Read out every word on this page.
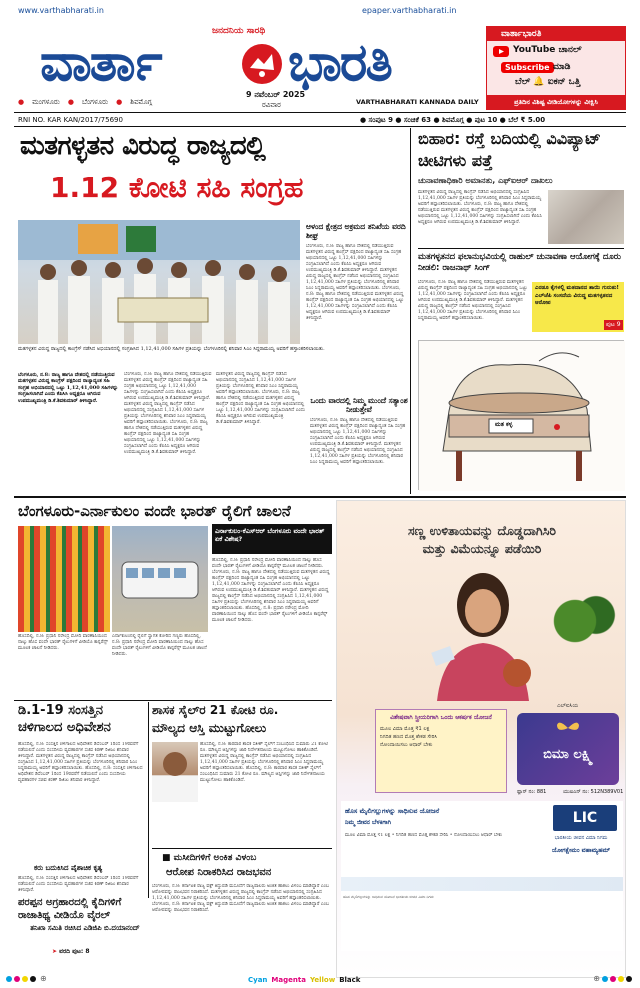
www.varthabharati.in	epaper.varthabharati.in
ಜನದನಿಯ ಸಾರಥಿ
ವಾರ್ತಾ ಭಾರತಿ
● ಮಂಗಳೂರು ● ಬೆಂಗಳೂರು ● ಶಿವಮೊಗ್ಗ
9 ನವೆಂಬರ್ 2025
ರವಿವಾರ	VARTHABHARATI KANNADA DAILY
ವಾರ್ತಾಭಾರತಿ
YouTube ಚಾನಲ್
Subscribe ಮಾಡಿ
ಬೆಲ್ 🔔 ಐಕನ್ ಒತ್ತಿ
ಪ್ರತಿದಿನ ವಿಶಿಷ್ಟ ವೀಡಿಯೋಗಳನ್ನು ವೀಕ್ಷಿಸಿ
RNI NO. KAR KAN/2017/75690	● ಸಂಪುಟ 9 ● ಸಂಚಿಕೆ 63 ● ಶಿವಮೊಗ್ಗ ● ಪುಟ 10 ● ಬೆಲೆ ₹ 5.00
ಮತಗಳ್ಳತನ ವಿರುದ್ಧ ರಾಜ್ಯದಲ್ಲಿ
1.12 ಕೋಟಿ ಸಹಿ ಸಂಗ್ರಹ
ಮತಗಳ್ಳತನ ವಿರುದ್ಧ ರಾಜ್ಯದಲ್ಲಿ ಕಾಂಗ್ರೆಸ್ ನಡೆಸಿದ ಅಭಿಯಾನದಲ್ಲಿ ಸಂಗ್ರಹಿಸಿದ 1,12,41,000 ಸಹಿಗಳ ಪ್ರತಿಯನ್ನು ಬೆಂಗಳೂರಿನಲ್ಲಿ ಶನಿವಾರ ಸಿಎಂ ಸಿದ್ದರಾಮಯ್ಯ ಅವರಿಗೆ ಹಸ್ತಾಂತರಿಸಲಾಯಿತು.
ಆಳಂದ ಕ್ಷೇತ್ರದ ಅಕ್ರಮದ ತನಿಖೆಯ ವರದಿ ಶೀಘ್ರ
ಬೆಂಗಳೂರು, ನ.8: ರಾಜ್ಯ ಹಾಗೂ ದೇಶದಲ್ಲಿ ನಡೆಯುತ್ತಿರುವ ಮತಗಳ್ಳತನ ವಿರುದ್ಧ ಕಾಂಗ್ರೆಸ್ ಪಕ್ಷದಿಂದ ರಾಜ್ಯಾದ್ಯಂತ ಸಹಿ ಸಂಗ್ರಹ ಅಭಿಯಾನದಲ್ಲಿ ಒಟ್ಟು 1,12,41,000 ಸಹಿಗಳನ್ನು ಸಂಗ್ರಹಿಸಲಾಗಿದೆ ಎಂದು ಕೆಪಿಸಿಸಿ ಅಧ್ಯಕ್ಷರೂ ಆಗಿರುವ ಉಪಮುಖ್ಯಮಂತ್ರಿ ಡಿ.ಕೆ.ಶಿವಕುಮಾರ್ ತಿಳಿಸಿದ್ದಾರೆ. ಮತಗಳ್ಳತನ ವಿರುದ್ಧ ರಾಜ್ಯದಲ್ಲಿ ಕಾಂಗ್ರೆಸ್ ನಡೆಸಿದ ಅಭಿಯಾನದಲ್ಲಿ ಸಂಗ್ರಹಿಸಿದ 1,12,41,000 ಸಹಿಗಳ ಪ್ರತಿಯನ್ನು ಬೆಂಗಳೂರಿನಲ್ಲಿ ಶನಿವಾರ ಸಿಎಂ ಸಿದ್ದರಾಮಯ್ಯ ಅವರಿಗೆ ಹಸ್ತಾಂತರಿಸಲಾಯಿತು. ಬೆಂಗಳೂರು, ನ.8: ರಾಜ್ಯ ಹಾಗೂ ದೇಶದಲ್ಲಿ ನಡೆಯುತ್ತಿರುವ ಮತಗಳ್ಳತನ ವಿರುದ್ಧ ಕಾಂಗ್ರೆಸ್ ಪಕ್ಷದಿಂದ ರಾಜ್ಯಾದ್ಯಂತ ಸಹಿ ಸಂಗ್ರಹ ಅಭಿಯಾನದಲ್ಲಿ ಒಟ್ಟು 1,12,41,000 ಸಹಿಗಳನ್ನು ಸಂಗ್ರಹಿಸಲಾಗಿದೆ ಎಂದು ಕೆಪಿಸಿಸಿ ಅಧ್ಯಕ್ಷರೂ ಆಗಿರುವ ಉಪಮುಖ್ಯಮಂತ್ರಿ ಡಿ.ಕೆ.ಶಿವಕುಮಾರ್ ತಿಳಿಸಿದ್ದಾರೆ.
ಬೆಂಗಳೂರು, ನ.8: ರಾಜ್ಯ ಹಾಗೂ ದೇಶದಲ್ಲಿ ನಡೆಯುತ್ತಿರುವ ಮತಗಳ್ಳತನ ವಿರುದ್ಧ ಕಾಂಗ್ರೆಸ್ ಪಕ್ಷದಿಂದ ರಾಜ್ಯಾದ್ಯಂತ ಸಹಿ ಸಂಗ್ರಹ ಅಭಿಯಾನದಲ್ಲಿ ಒಟ್ಟು 1,12,41,000 ಸಹಿಗಳನ್ನು ಸಂಗ್ರಹಿಸಲಾಗಿದೆ ಎಂದು ಕೆಪಿಸಿಸಿ ಅಧ್ಯಕ್ಷರೂ ಆಗಿರುವ ಉಪಮುಖ್ಯಮಂತ್ರಿ ಡಿ.ಕೆ.ಶಿವಕುಮಾರ್ ತಿಳಿಸಿದ್ದಾರೆ.
ಬೆಂಗಳೂರು, ನ.8: ರಾಜ್ಯ ಹಾಗೂ ದೇಶದಲ್ಲಿ ನಡೆಯುತ್ತಿರುವ ಮತಗಳ್ಳತನ ವಿರುದ್ಧ ಕಾಂಗ್ರೆಸ್ ಪಕ್ಷದಿಂದ ರಾಜ್ಯಾದ್ಯಂತ ಸಹಿ ಸಂಗ್ರಹ ಅಭಿಯಾನದಲ್ಲಿ ಒಟ್ಟು 1,12,41,000 ಸಹಿಗಳನ್ನು ಸಂಗ್ರಹಿಸಲಾಗಿದೆ ಎಂದು ಕೆಪಿಸಿಸಿ ಅಧ್ಯಕ್ಷರೂ ಆಗಿರುವ ಉಪಮುಖ್ಯಮಂತ್ರಿ ಡಿ.ಕೆ.ಶಿವಕುಮಾರ್ ತಿಳಿಸಿದ್ದಾರೆ. ಮತಗಳ್ಳತನ ವಿರುದ್ಧ ರಾಜ್ಯದಲ್ಲಿ ಕಾಂಗ್ರೆಸ್ ನಡೆಸಿದ ಅಭಿಯಾನದಲ್ಲಿ ಸಂಗ್ರಹಿಸಿದ 1,12,41,000 ಸಹಿಗಳ ಪ್ರತಿಯನ್ನು ಬೆಂಗಳೂರಿನಲ್ಲಿ ಶನಿವಾರ ಸಿಎಂ ಸಿದ್ದರಾಮಯ್ಯ ಅವರಿಗೆ ಹಸ್ತಾಂತರಿಸಲಾಯಿತು. ಬೆಂಗಳೂರು, ನ.8: ರಾಜ್ಯ ಹಾಗೂ ದೇಶದಲ್ಲಿ ನಡೆಯುತ್ತಿರುವ ಮತಗಳ್ಳತನ ವಿರುದ್ಧ ಕಾಂಗ್ರೆಸ್ ಪಕ್ಷದಿಂದ ರಾಜ್ಯಾದ್ಯಂತ ಸಹಿ ಸಂಗ್ರಹ ಅಭಿಯಾನದಲ್ಲಿ ಒಟ್ಟು 1,12,41,000 ಸಹಿಗಳನ್ನು ಸಂಗ್ರಹಿಸಲಾಗಿದೆ ಎಂದು ಕೆಪಿಸಿಸಿ ಅಧ್ಯಕ್ಷರೂ ಆಗಿರುವ ಉಪಮುಖ್ಯಮಂತ್ರಿ ಡಿ.ಕೆ.ಶಿವಕುಮಾರ್ ತಿಳಿಸಿದ್ದಾರೆ.
ಮತಗಳ್ಳತನ ವಿರುದ್ಧ ರಾಜ್ಯದಲ್ಲಿ ಕಾಂಗ್ರೆಸ್ ನಡೆಸಿದ ಅಭಿಯಾನದಲ್ಲಿ ಸಂಗ್ರಹಿಸಿದ 1,12,41,000 ಸಹಿಗಳ ಪ್ರತಿಯನ್ನು ಬೆಂಗಳೂರಿನಲ್ಲಿ ಶನಿವಾರ ಸಿಎಂ ಸಿದ್ದರಾಮಯ್ಯ ಅವರಿಗೆ ಹಸ್ತಾಂತರಿಸಲಾಯಿತು. ಬೆಂಗಳೂರು, ನ.8: ರಾಜ್ಯ ಹಾಗೂ ದೇಶದಲ್ಲಿ ನಡೆಯುತ್ತಿರುವ ಮತಗಳ್ಳತನ ವಿರುದ್ಧ ಕಾಂಗ್ರೆಸ್ ಪಕ್ಷದಿಂದ ರಾಜ್ಯಾದ್ಯಂತ ಸಹಿ ಸಂಗ್ರಹ ಅಭಿಯಾನದಲ್ಲಿ ಒಟ್ಟು 1,12,41,000 ಸಹಿಗಳನ್ನು ಸಂಗ್ರಹಿಸಲಾಗಿದೆ ಎಂದು ಕೆಪಿಸಿಸಿ ಅಧ್ಯಕ್ಷರೂ ಆಗಿರುವ ಉಪಮುಖ್ಯಮಂತ್ರಿ ಡಿ.ಕೆ.ಶಿವಕುಮಾರ್ ತಿಳಿಸಿದ್ದಾರೆ.
ಒಂದು ವಾರದಲ್ಲಿ ನಿಮ್ಮ ಮುಂದೆ ಸತ್ಯಾಂಶ ನೀಡುತ್ತೇವೆ
ಬೆಂಗಳೂರು, ನ.8: ರಾಜ್ಯ ಹಾಗೂ ದೇಶದಲ್ಲಿ ನಡೆಯುತ್ತಿರುವ ಮತಗಳ್ಳತನ ವಿರುದ್ಧ ಕಾಂಗ್ರೆಸ್ ಪಕ್ಷದಿಂದ ರಾಜ್ಯಾದ್ಯಂತ ಸಹಿ ಸಂಗ್ರಹ ಅಭಿಯಾನದಲ್ಲಿ ಒಟ್ಟು 1,12,41,000 ಸಹಿಗಳನ್ನು ಸಂಗ್ರಹಿಸಲಾಗಿದೆ ಎಂದು ಕೆಪಿಸಿಸಿ ಅಧ್ಯಕ್ಷರೂ ಆಗಿರುವ ಉಪಮುಖ್ಯಮಂತ್ರಿ ಡಿ.ಕೆ.ಶಿವಕುಮಾರ್ ತಿಳಿಸಿದ್ದಾರೆ. ಮತಗಳ್ಳತನ ವಿರುದ್ಧ ರಾಜ್ಯದಲ್ಲಿ ಕಾಂಗ್ರೆಸ್ ನಡೆಸಿದ ಅಭಿಯಾನದಲ್ಲಿ ಸಂಗ್ರಹಿಸಿದ 1,12,41,000 ಸಹಿಗಳ ಪ್ರತಿಯನ್ನು ಬೆಂಗಳೂರಿನಲ್ಲಿ ಶನಿವಾರ ಸಿಎಂ ಸಿದ್ದರಾಮಯ್ಯ ಅವರಿಗೆ ಹಸ್ತಾಂತರಿಸಲಾಯಿತು.
ಬಿಹಾರ: ರಸ್ತೆ ಬದಿಯಲ್ಲಿ ವಿವಿಪ್ಯಾಟ್ ಚೀಟಿಗಳು ಪತ್ತೆ
ಚುನಾವಣಾಧಿಕಾರಿ ಅಮಾನತು, ಎಫ್‌ಐಆರ್ ದಾಖಲು
ಮತಗಳ್ಳತನ ವಿರುದ್ಧ ರಾಜ್ಯದಲ್ಲಿ ಕಾಂಗ್ರೆಸ್ ನಡೆಸಿದ ಅಭಿಯಾನದಲ್ಲಿ ಸಂಗ್ರಹಿಸಿದ 1,12,41,000 ಸಹಿಗಳ ಪ್ರತಿಯನ್ನು ಬೆಂಗಳೂರಿನಲ್ಲಿ ಶನಿವಾರ ಸಿಎಂ ಸಿದ್ದರಾಮಯ್ಯ ಅವರಿಗೆ ಹಸ್ತಾಂತರಿಸಲಾಯಿತು. ಬೆಂಗಳೂರು, ನ.8: ರಾಜ್ಯ ಹಾಗೂ ದೇಶದಲ್ಲಿ ನಡೆಯುತ್ತಿರುವ ಮತಗಳ್ಳತನ ವಿರುದ್ಧ ಕಾಂಗ್ರೆಸ್ ಪಕ್ಷದಿಂದ ರಾಜ್ಯಾದ್ಯಂತ ಸಹಿ ಸಂಗ್ರಹ ಅಭಿಯಾನದಲ್ಲಿ ಒಟ್ಟು 1,12,41,000 ಸಹಿಗಳನ್ನು ಸಂಗ್ರಹಿಸಲಾಗಿದೆ ಎಂದು ಕೆಪಿಸಿಸಿ ಅಧ್ಯಕ್ಷರೂ ಆಗಿರುವ ಉಪಮುಖ್ಯಮಂತ್ರಿ ಡಿ.ಕೆ.ಶಿವಕುಮಾರ್ ತಿಳಿಸಿದ್ದಾರೆ.
ಮತಗಳ್ಳತನದ ಫಲಾನುಭವಿಯಲ್ಲಿ ರಾಹುಲ್ ಚುನಾವಣಾ ಆಯೋಗಕ್ಕೆ ದೂರು ನೀಡಲಿ: ರಾಜನಾಥ್ ಸಿಂಗ್
ಬೆಂಗಳೂರು, ನ.8: ರಾಜ್ಯ ಹಾಗೂ ದೇಶದಲ್ಲಿ ನಡೆಯುತ್ತಿರುವ ಮತಗಳ್ಳತನ ವಿರುದ್ಧ ಕಾಂಗ್ರೆಸ್ ಪಕ್ಷದಿಂದ ರಾಜ್ಯಾದ್ಯಂತ ಸಹಿ ಸಂಗ್ರಹ ಅಭಿಯಾನದಲ್ಲಿ ಒಟ್ಟು 1,12,41,000 ಸಹಿಗಳನ್ನು ಸಂಗ್ರಹಿಸಲಾಗಿದೆ ಎಂದು ಕೆಪಿಸಿಸಿ ಅಧ್ಯಕ್ಷರೂ ಆಗಿರುವ ಉಪಮುಖ್ಯಮಂತ್ರಿ ಡಿ.ಕೆ.ಶಿವಕುಮಾರ್ ತಿಳಿಸಿದ್ದಾರೆ. ಮತಗಳ್ಳತನ ವಿರುದ್ಧ ರಾಜ್ಯದಲ್ಲಿ ಕಾಂಗ್ರೆಸ್ ನಡೆಸಿದ ಅಭಿಯಾನದಲ್ಲಿ ಸಂಗ್ರಹಿಸಿದ 1,12,41,000 ಸಹಿಗಳ ಪ್ರತಿಯನ್ನು ಬೆಂಗಳೂರಿನಲ್ಲಿ ಶನಿವಾರ ಸಿಎಂ ಸಿದ್ದರಾಮಯ್ಯ ಅವರಿಗೆ ಹಸ್ತಾಂತರಿಸಲಾಯಿತು.
ಎರಡೂ ಕೈಗಳಲ್ಲಿ ಮತದಾನದ ಶಾಯಿ ಗುರುತು! ಎಲ್‌ಜೆಪಿ ಸಂಸದೆಯ ವಿರುದ್ಧ ಮತಗಳ್ಳತನದ ಆರೋಪ
ಪುಟ 9
ಮತ ಕಳ್ಳ
ಬೆಂಗಳೂರು-ಎರ್ನಾಕುಲಂ ವಂದೇ ಭಾರತ್ ರೈಲಿಗೆ ಚಾಲನೆ
ಹೊಸದಿಲ್ಲಿ, ನ.8: ಪ್ರಧಾನಿ ನರೇಂದ್ರ ಮೋದಿ ವಾರಣಾಸಿಯಿಂದ ನಾಲ್ಕು ಹೊಸ ವಂದೇ ಭಾರತ್ ರೈಲುಗಳಿಗೆ ವೀಡಿಯೊ ಕಾನ್ಫರೆನ್ಸ್ ಮೂಲಕ ಚಾಲನೆ ನೀಡಿದರು.
ಎರ್ನಾಕುಲಂನಲ್ಲಿ ರೈಲಿಗೆ ಸ್ವಾಗತ ಕೋರಿದ ಗಣ್ಯರು ಹೊಸದಿಲ್ಲಿ, ನ.8: ಪ್ರಧಾನಿ ನರೇಂದ್ರ ಮೋದಿ ವಾರಣಾಸಿಯಿಂದ ನಾಲ್ಕು ಹೊಸ ವಂದೇ ಭಾರತ್ ರೈಲುಗಳಿಗೆ ವೀಡಿಯೊ ಕಾನ್ಫರೆನ್ಸ್ ಮೂಲಕ ಚಾಲನೆ ನೀಡಿದರು.
ಎರ್ನಾಕುಲಂ-ಕೆಎಸ್‌ಆರ್ ಬೆಂಗಳೂರು ವಂದೇ ಭಾರತ್ ಏಕೆ ವಿಶೇಷ?
ಹೊಸದಿಲ್ಲಿ, ನ.8: ಪ್ರಧಾನಿ ನರೇಂದ್ರ ಮೋದಿ ವಾರಣಾಸಿಯಿಂದ ನಾಲ್ಕು ಹೊಸ ವಂದೇ ಭಾರತ್ ರೈಲುಗಳಿಗೆ ವೀಡಿಯೊ ಕಾನ್ಫರೆನ್ಸ್ ಮೂಲಕ ಚಾಲನೆ ನೀಡಿದರು. ಬೆಂಗಳೂರು, ನ.8: ರಾಜ್ಯ ಹಾಗೂ ದೇಶದಲ್ಲಿ ನಡೆಯುತ್ತಿರುವ ಮತಗಳ್ಳತನ ವಿರುದ್ಧ ಕಾಂಗ್ರೆಸ್ ಪಕ್ಷದಿಂದ ರಾಜ್ಯಾದ್ಯಂತ ಸಹಿ ಸಂಗ್ರಹ ಅಭಿಯಾನದಲ್ಲಿ ಒಟ್ಟು 1,12,41,000 ಸಹಿಗಳನ್ನು ಸಂಗ್ರಹಿಸಲಾಗಿದೆ ಎಂದು ಕೆಪಿಸಿಸಿ ಅಧ್ಯಕ್ಷರೂ ಆಗಿರುವ ಉಪಮುಖ್ಯಮಂತ್ರಿ ಡಿ.ಕೆ.ಶಿವಕುಮಾರ್ ತಿಳಿಸಿದ್ದಾರೆ. ಮತಗಳ್ಳತನ ವಿರುದ್ಧ ರಾಜ್ಯದಲ್ಲಿ ಕಾಂಗ್ರೆಸ್ ನಡೆಸಿದ ಅಭಿಯಾನದಲ್ಲಿ ಸಂಗ್ರಹಿಸಿದ 1,12,41,000 ಸಹಿಗಳ ಪ್ರತಿಯನ್ನು ಬೆಂಗಳೂರಿನಲ್ಲಿ ಶನಿವಾರ ಸಿಎಂ ಸಿದ್ದರಾಮಯ್ಯ ಅವರಿಗೆ ಹಸ್ತಾಂತರಿಸಲಾಯಿತು. ಹೊಸದಿಲ್ಲಿ, ನ.8: ಪ್ರಧಾನಿ ನರೇಂದ್ರ ಮೋದಿ ವಾರಣಾಸಿಯಿಂದ ನಾಲ್ಕು ಹೊಸ ವಂದೇ ಭಾರತ್ ರೈಲುಗಳಿಗೆ ವೀಡಿಯೊ ಕಾನ್ಫರೆನ್ಸ್ ಮೂಲಕ ಚಾಲನೆ ನೀಡಿದರು.
ಸಣ್ಣ ಉಳಿತಾಯವನ್ನು ದೊಡ್ಡದಾಗಿಸಿರಿ
ಮತ್ತು ವಿಮೆಯನ್ನೂ ಪಡೆಯಿರಿ
ವಿಶೇಷವಾಗಿ ಸ್ತ್ರೀಯರಿಗಾಗಿ ಒಂದು ಆಕರ್ಷಕ ಯೋಜನೆ
ಮೂಲ ವಿಮಾ ಮೊತ್ತ ₹1 ಲಕ್ಷ
ನಿಗದಿತ ಹಣದ ಮೊತ್ತ ಶೇಕಡ ಸೇರಿಸಿ
ನೋಂದಾಯಿಸಲು ಆಧಾರ್ ಬೇಕು
ಎಲ್‌ಐಸಿಯ
ಬಿಮಾ ಲಕ್ಷ್ಮಿ
ಪ್ಲಾನ್ ನಂ: 881	ಯುಐಎನ್ ನಂ: 512N389V01
ಹೊಸ ಮೈಲಿಗಲ್ಲುಗಳನ್ನು ಸಾಧಿಸುವ ಯೋಜನೆ
ನಿಮ್ಮ ಜೀವನ ಬೆಳಕಿಗಾಗಿ
ಮೂಲ ವಿಮಾ ಮೊತ್ತ ₹1 ಲಕ್ಷ • ನಿಗದಿತ ಹಣದ ಮೊತ್ತ ಶೇಕಡ ಸೇರಿಸಿ • ನೋಂದಾಯಿಸಲು ಆಧಾರ್ ಬೇಕು
LIC
ಭಾರತೀಯ ಜೀವನ ವಿಮಾ ನಿಗಮ
ಯೋಗಕ್ಷೇಮಂ ವಹಾಮ್ಯಹಮ್
ಹೊಸ ಮೈಲಿಗಲ್ಲುಗಳನ್ನು ಸಾಧಿಸುವ ಯೋಜನೆ ಭಾರತೀಯ ಜೀವನ ವಿಮಾ ನಿಗಮ
ಡಿ.1-19 ಸಂಸತ್ತಿನ ಚಳಿಗಾಲದ ಅಧಿವೇಶನ
ಹೊಸದಿಲ್ಲಿ, ನ.8: ಸಂಸತ್ತಿನ ಚಳಿಗಾಲದ ಅಧಿವೇಶನ ಡಿಸೆಂಬರ್ 1ರಿಂದ 19ರವರೆಗೆ ನಡೆಯಲಿದೆ ಎಂದು ಸಂಸದೀಯ ವ್ಯವಹಾರಗಳ ಸಚಿವ ಕಿರಣ್ ರಿಜಿಜು ಶನಿವಾರ ತಿಳಿಸಿದ್ದಾರೆ. ಮತಗಳ್ಳತನ ವಿರುದ್ಧ ರಾಜ್ಯದಲ್ಲಿ ಕಾಂಗ್ರೆಸ್ ನಡೆಸಿದ ಅಭಿಯಾನದಲ್ಲಿ ಸಂಗ್ರಹಿಸಿದ 1,12,41,000 ಸಹಿಗಳ ಪ್ರತಿಯನ್ನು ಬೆಂಗಳೂರಿನಲ್ಲಿ ಶನಿವಾರ ಸಿಎಂ ಸಿದ್ದರಾಮಯ್ಯ ಅವರಿಗೆ ಹಸ್ತಾಂತರಿಸಲಾಯಿತು. ಹೊಸದಿಲ್ಲಿ, ನ.8: ಸಂಸತ್ತಿನ ಚಳಿಗಾಲದ ಅಧಿವೇಶನ ಡಿಸೆಂಬರ್ 1ರಿಂದ 19ರವರೆಗೆ ನಡೆಯಲಿದೆ ಎಂದು ಸಂಸದೀಯ ವ್ಯವಹಾರಗಳ ಸಚಿವ ಕಿರಣ್ ರಿಜಿಜು ಶನಿವಾರ ತಿಳಿಸಿದ್ದಾರೆ.
ಕರು ಬದುಕಿಸಿದ ಪೈಶಾಚಿಕ ಕೃತ್ಯ
ಹೊಸದಿಲ್ಲಿ, ನ.8: ಸಂಸತ್ತಿನ ಚಳಿಗಾಲದ ಅಧಿವೇಶನ ಡಿಸೆಂಬರ್ 1ರಿಂದ 19ರವರೆಗೆ ನಡೆಯಲಿದೆ ಎಂದು ಸಂಸದೀಯ ವ್ಯವಹಾರಗಳ ಸಚಿವ ಕಿರಣ್ ರಿಜಿಜು ಶನಿವಾರ ತಿಳಿಸಿದ್ದಾರೆ.
ಪರಪ್ಪನ ಅಗ್ರಹಾರದಲ್ಲಿ ಕೈದಿಗಳಿಗೆ ರಾಜಾತಿಥ್ಯ ವೀಡಿಯೊ ವೈರಲ್
ತನಿಖಾ ಸಮಿತಿ ರಚಿಸಿದ ಎಡಿಜಿಪಿ ಬಿ.ದಯಾನಂದ್
➤ ವರದಿ ಪುಟ: 8
ಶಾಸಕ ಸೈಲ್‌ರ 21 ಕೋಟಿ ರೂ.
ಮೌಲ್ಯದ ಆಸ್ತಿ ಮುಟ್ಟುಗೋಲು
ಹೊಸದಿಲ್ಲಿ, ನ.8: ಕಾರವಾರ ಶಾಸಕ ಸತೀಶ್ ಸೈಲ್‌ಗೆ ಸಂಬಂಧಿಸಿದ ಸುಮಾರು 21 ಕೋಟಿ ರೂ. ಮೌಲ್ಯದ ಆಸ್ತಿಗಳನ್ನು ಜಾರಿ ನಿರ್ದೇಶನಾಲಯ ಮುಟ್ಟುಗೋಲು ಹಾಕಿಕೊಂಡಿದೆ. ಮತಗಳ್ಳತನ ವಿರುದ್ಧ ರಾಜ್ಯದಲ್ಲಿ ಕಾಂಗ್ರೆಸ್ ನಡೆಸಿದ ಅಭಿಯಾನದಲ್ಲಿ ಸಂಗ್ರಹಿಸಿದ 1,12,41,000 ಸಹಿಗಳ ಪ್ರತಿಯನ್ನು ಬೆಂಗಳೂರಿನಲ್ಲಿ ಶನಿವಾರ ಸಿಎಂ ಸಿದ್ದರಾಮಯ್ಯ ಅವರಿಗೆ ಹಸ್ತಾಂತರಿಸಲಾಯಿತು. ಹೊಸದಿಲ್ಲಿ, ನ.8: ಕಾರವಾರ ಶಾಸಕ ಸತೀಶ್ ಸೈಲ್‌ಗೆ ಸಂಬಂಧಿಸಿದ ಸುಮಾರು 21 ಕೋಟಿ ರೂ. ಮೌಲ್ಯದ ಆಸ್ತಿಗಳನ್ನು ಜಾರಿ ನಿರ್ದೇಶನಾಲಯ ಮುಟ್ಟುಗೋಲು ಹಾಕಿಕೊಂಡಿದೆ.
■ ಮಸೀದಿಗಳಿಗೆ ಅಂಕಿತ ವಿಳಂಬ
ಆರೋಪ ನಿರಾಕರಿಸಿದ ರಾಜಭವನ
ಬೆಂಗಳೂರು, ನ.8: ಕರ್ನಾಟಕ ರಾಜ್ಯ ವಕ್ಫ್ ತಿದ್ದುಪಡಿ ಮಸೂದೆಗೆ ರಾಜ್ಯಪಾಲರು ಅಂಕಿತ ಹಾಕಲು ವಿಳಂಬ ಮಾಡಿದ್ದಾರೆ ಎಂಬ ಆರೋಪವನ್ನು ರಾಜಭವನ ನಿರಾಕರಿಸಿದೆ. ಮತಗಳ್ಳತನ ವಿರುದ್ಧ ರಾಜ್ಯದಲ್ಲಿ ಕಾಂಗ್ರೆಸ್ ನಡೆಸಿದ ಅಭಿಯಾನದಲ್ಲಿ ಸಂಗ್ರಹಿಸಿದ 1,12,41,000 ಸಹಿಗಳ ಪ್ರತಿಯನ್ನು ಬೆಂಗಳೂರಿನಲ್ಲಿ ಶನಿವಾರ ಸಿಎಂ ಸಿದ್ದರಾಮಯ್ಯ ಅವರಿಗೆ ಹಸ್ತಾಂತರಿಸಲಾಯಿತು. ಬೆಂಗಳೂರು, ನ.8: ಕರ್ನಾಟಕ ರಾಜ್ಯ ವಕ್ಫ್ ತಿದ್ದುಪಡಿ ಮಸೂದೆಗೆ ರಾಜ್ಯಪಾಲರು ಅಂಕಿತ ಹಾಕಲು ವಿಳಂಬ ಮಾಡಿದ್ದಾರೆ ಎಂಬ ಆರೋಪವನ್ನು ರಾಜಭವನ ನಿರಾಕರಿಸಿದೆ.
⊕	⊕
Cyan Magenta Yellow Black
